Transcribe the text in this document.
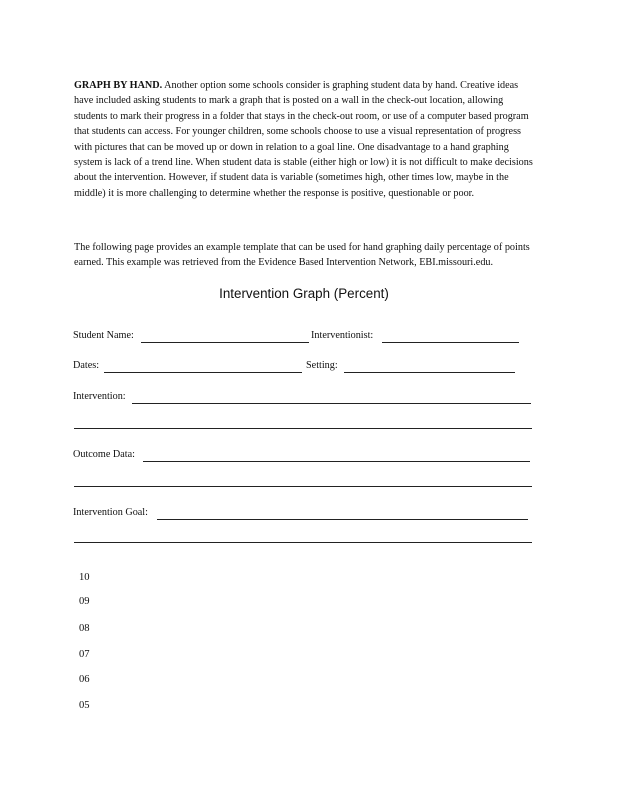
GRAPH BY HAND. Another option some schools consider is graphing student data by hand. Creative ideas have included asking students to mark a graph that is posted on a wall in the check-out location, allowing students to mark their progress in a folder that stays in the check-out room, or use of a computer based program that students can access. For younger children, some schools choose to use a visual representation of progress with pictures that can be moved up or down in relation to a goal line. One disadvantage to a hand graphing system is lack of a trend line. When student data is stable (either high or low) it is not difficult to make decisions about the intervention. However, if student data is variable (sometimes high, other times low, maybe in the middle) it is more challenging to determine whether the response is positive, questionable or poor.

The following page provides an example template that can be used for hand graphing daily percentage of points earned. This example was retrieved from the Evidence Based Intervention Network, EBI.missouri.edu.

Intervention Graph (Percent)
Student Name:	Interventionist:
Dates:	Setting:
Intervention:
Outcome Data:
Intervention Goal:
10
09
08
07
06
05
